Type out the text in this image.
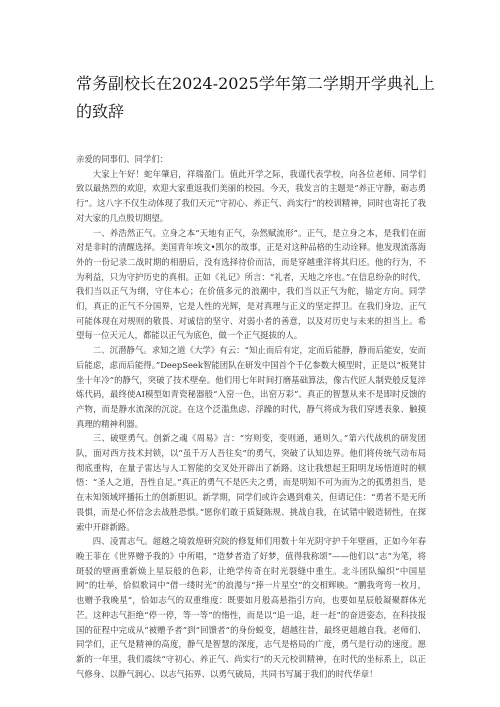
常务副校长在2024-2025学年第二学期开学典礼上的致辞

亲爱的同事们、同学们：

大家上午好！蛇年肇启，祥瑞盈门。值此开学之际，我谨代表学校，向各位老师、同学们致以最热烈的欢迎，欢迎大家重返我们美丽的校园。今天，我发言的主题是“养正守静，砺志勇行”。这八字不仅生动体现了我们天元“守初心、养正气、尚实行”的校训精神，同时也寄托了我对大家的几点殷切期望。

一、养浩然正气。立身之本“天地有正气，杂然赋流形”。正气，是立身之本，是我们在面对是非时的清醒选择。美国青年埃文•凯尔的故事，正是对这种品格的生动诠释。他发现流落海外的一份记录二战时期的相册后，没有选择待价而沽，而是穿越重洋将其归还。他的行为，不为利益，只为守护历史的真相。正如《礼记》所言：“礼者，天地之序也。”在信息纷杂的时代，我们当以正气为纲，守住本心；在价值多元的浪潮中，我们当以正气为舵，锚定方向。同学们，真正的正气不分国界，它是人性的光辉，是对真理与正义的坚定捍卫。在我们身边，正气可能体现在对规则的敬畏、对诚信的坚守、对弱小者的善意，以及对历史与未来的担当上。希望每一位天元人，都能以正气为底色，做一个正气挺拔的人。

二、沉潜静气。求知之道《大学》有云：“知止而后有定，定而后能静，静而后能安，安而后能虑，虑而后能得。”DeepSeek智能团队在研发中国首个千亿参数大模型时，正是以“板凳甘坐十年冷”的静气，突破了技术壁垒。他们用七年时间打磨基础算法，像古代匠人制瓷般反复淬炼代码，最终使AI模型如青瓷秘器般“入窑一色，出窑万彩”。真正的智慧从来不是即时反馈的产物，而是静水流深的沉淀。在这个泛滥焦虑、浮躁的时代，静气将成为我们穿透表象、触摸真理的精神利器。

三、破壁勇气。创新之魂《周易》言：“穷则变，变则通，通则久。”第六代战机的研发团队，面对西方技术封锁，以“虽千万人吾往矣”的勇气，突破了认知边界。他们将传统气动布局彻底重构，在量子雷达与人工智能的交叉处开辟出了新路。这让我想起王阳明龙场悟道时的顿悟：“圣人之道，吾性自足。”真正的勇气不是匹夫之勇，而是明知不可为而为之的孤勇担当，是在未知领域坪播拓土的创新胆识。新学期，同学们或许会遇到难关，但请记住：“勇者不是无所畏惧，而是心怀信念去战胜恐惧。”愿你们敢于质疑陈规、挑战自我，在试错中锻造韧性，在探索中开辟新路。

四、凌霄志气。超越之境敦煌研究院的修复师们用数十年光阴守护千年壁画，正如今年春晚王菲在《世界赠予我的》中所唱，“造梦者造了好梦，值得我称颂”——他们以“志”为笔，将斑驳的壁画重新焕上星辰般的色彩，让绝学传奇在时光裂缝中重生。北斗团队编织“中国星网”的壮举，恰似歌词中“借一缕时光”的浪漫与“捧一片星空”的交相辉映。“鹏我弯弯一枚月，也赠予我晚星”，恰如志气的双重维度：既要如月般高悬指引方向，也要如星辰般凝聚群体光芒。这种志气拒绝“停一停，等一等”的惰性，而是以“追一追，赶一赶”的奋进姿态，在科技报国的征程中完成从“被赠予者”到“回馈者”的身份蜕变，超越往昔，最终更超越自我。老师们、同学们，正气是精神的高度，静气是智慧的深度，志气是格局的广度，勇气是行动的速度。愿新的一年里，我们震续“守初心、养正气、尚实行”的天元校训精神，在时代的坐标系上，以正气修身、以静气润心、以志气拓界、以勇气破局，共同书写属于我们的时代华章！
